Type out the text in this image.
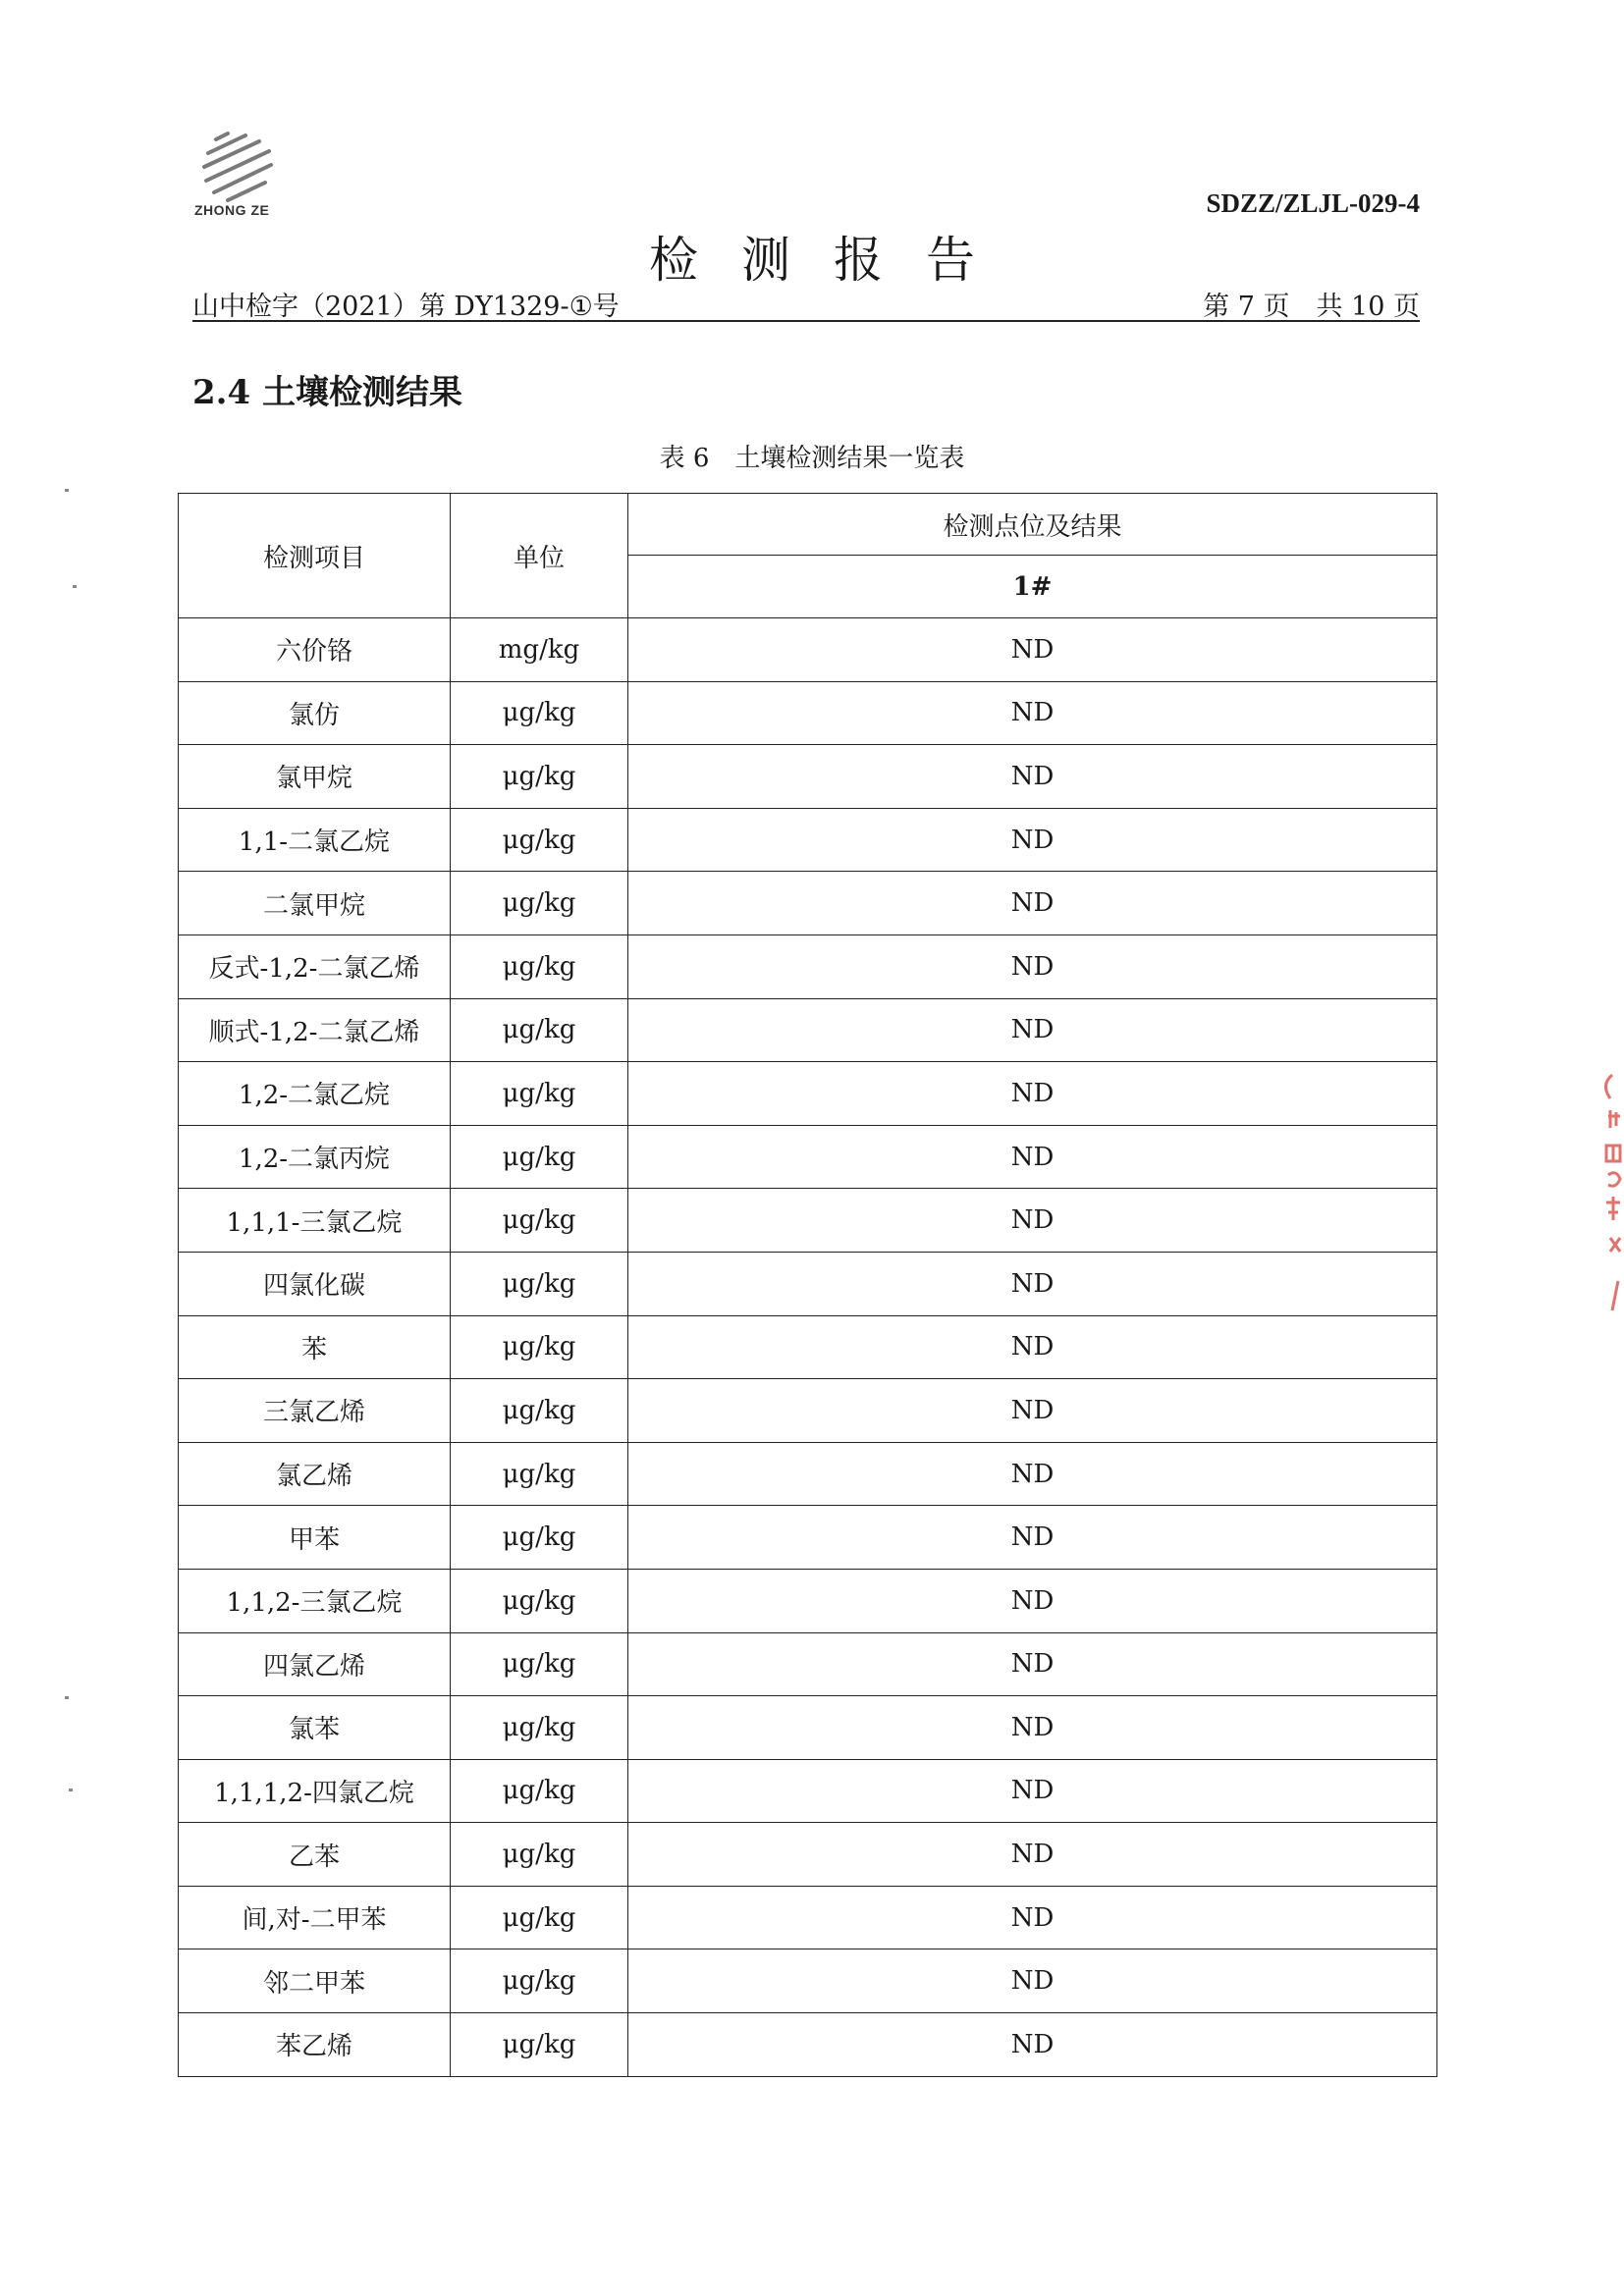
ZHONG ZE	SDZZ/ZLJL-029-4
检测报告
山中检字（2021）第 DY1329-①号	第 7 页　共 10 页
2.4 土壤检测结果
表 6　土壤检测结果一览表
检测项目	单位	检测点位及结果
		1#
六价铬	mg/kg	ND
氯仿	μg/kg	ND
氯甲烷	μg/kg	ND
1,1-二氯乙烷	μg/kg	ND
二氯甲烷	μg/kg	ND
反式-1,2-二氯乙烯	μg/kg	ND
顺式-1,2-二氯乙烯	μg/kg	ND
1,2-二氯乙烷	μg/kg	ND
1,2-二氯丙烷	μg/kg	ND
1,1,1-三氯乙烷	μg/kg	ND
四氯化碳	μg/kg	ND
苯	μg/kg	ND
三氯乙烯	μg/kg	ND
氯乙烯	μg/kg	ND
甲苯	μg/kg	ND
1,1,2-三氯乙烷	μg/kg	ND
四氯乙烯	μg/kg	ND
氯苯	μg/kg	ND
1,1,1,2-四氯乙烷	μg/kg	ND
乙苯	μg/kg	ND
间,对-二甲苯	μg/kg	ND
邻二甲苯	μg/kg	ND
苯乙烯	μg/kg	ND
